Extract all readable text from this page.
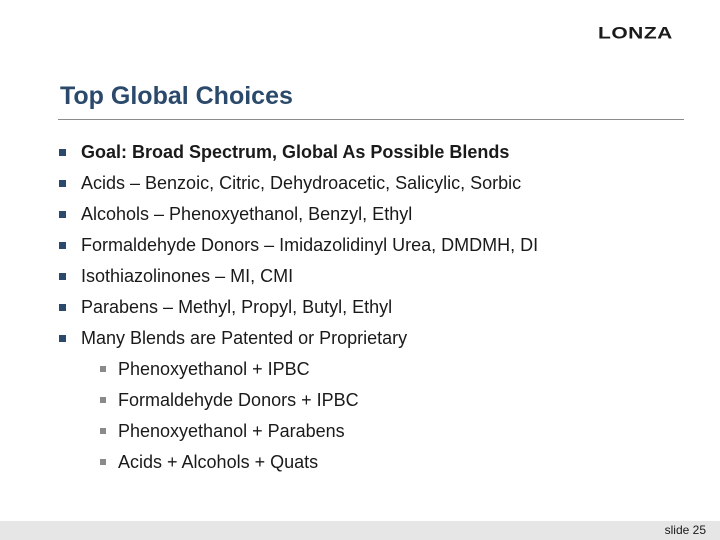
LONZA
Top Global Choices
Goal: Broad Spectrum, Global As Possible Blends
Acids – Benzoic, Citric, Dehydroacetic, Salicylic, Sorbic
Alcohols – Phenoxyethanol, Benzyl, Ethyl
Formaldehyde Donors – Imidazolidinyl Urea, DMDMH, DI
Isothiazolinones – MI, CMI
Parabens – Methyl, Propyl, Butyl, Ethyl
Many Blends are Patented or Proprietary
Phenoxyethanol + IPBC
Formaldehyde Donors + IPBC
Phenoxyethanol + Parabens
Acids + Alcohols + Quats
slide 25
